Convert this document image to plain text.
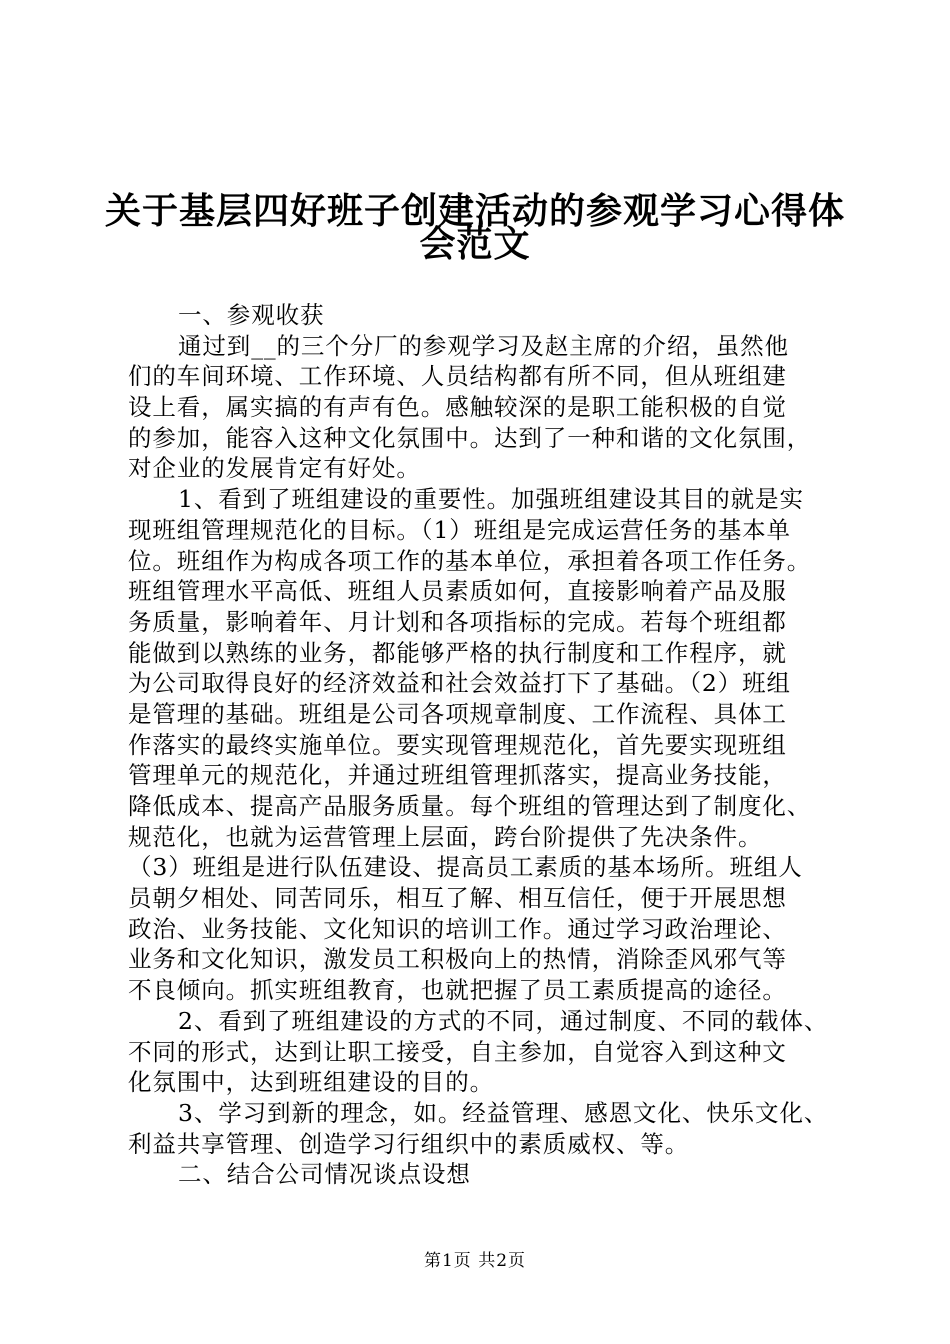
关于基层四好班子创建活动的参观学习心得体
会范文
一、参观收获
通过到__的三个分厂的参观学习及赵主席的介绍，虽然他
们的车间环境、工作环境、人员结构都有所不同，但从班组建
设上看，属实搞的有声有色。感触较深的是职工能积极的自觉
的参加，能容入这种文化氛围中。达到了一种和谐的文化氛围，
对企业的发展肯定有好处。
1、看到了班组建设的重要性。加强班组建设其目的就是实
现班组管理规范化的目标。（1）班组是完成运营任务的基本单
位。班组作为构成各项工作的基本单位，承担着各项工作任务。
班组管理水平高低、班组人员素质如何，直接影响着产品及服
务质量，影响着年、月计划和各项指标的完成。若每个班组都
能做到以熟练的业务，都能够严格的执行制度和工作程序，就
为公司取得良好的经济效益和社会效益打下了基础。（2）班组
是管理的基础。班组是公司各项规章制度、工作流程、具体工
作落实的最终实施单位。要实现管理规范化，首先要实现班组
管理单元的规范化，并通过班组管理抓落实，提高业务技能，
降低成本、提高产品服务质量。每个班组的管理达到了制度化、
规范化，也就为运营管理上层面，跨台阶提供了先决条件。
（3）班组是进行队伍建设、提高员工素质的基本场所。班组人
员朝夕相处、同苦同乐，相互了解、相互信任，便于开展思想
政治、业务技能、文化知识的培训工作。通过学习政治理论、
业务和文化知识，激发员工积极向上的热情，消除歪风邪气等
不良倾向。抓实班组教育，也就把握了员工素质提高的途径。
2、看到了班组建设的方式的不同，通过制度、不同的载体、
不同的形式，达到让职工接受，自主参加，自觉容入到这种文
化氛围中，达到班组建设的目的。
3、学习到新的理念，如。经益管理、感恩文化、快乐文化、
利益共享管理、创造学习行组织中的素质威权、等。
二、结合公司情况谈点设想
第1页 共2页
